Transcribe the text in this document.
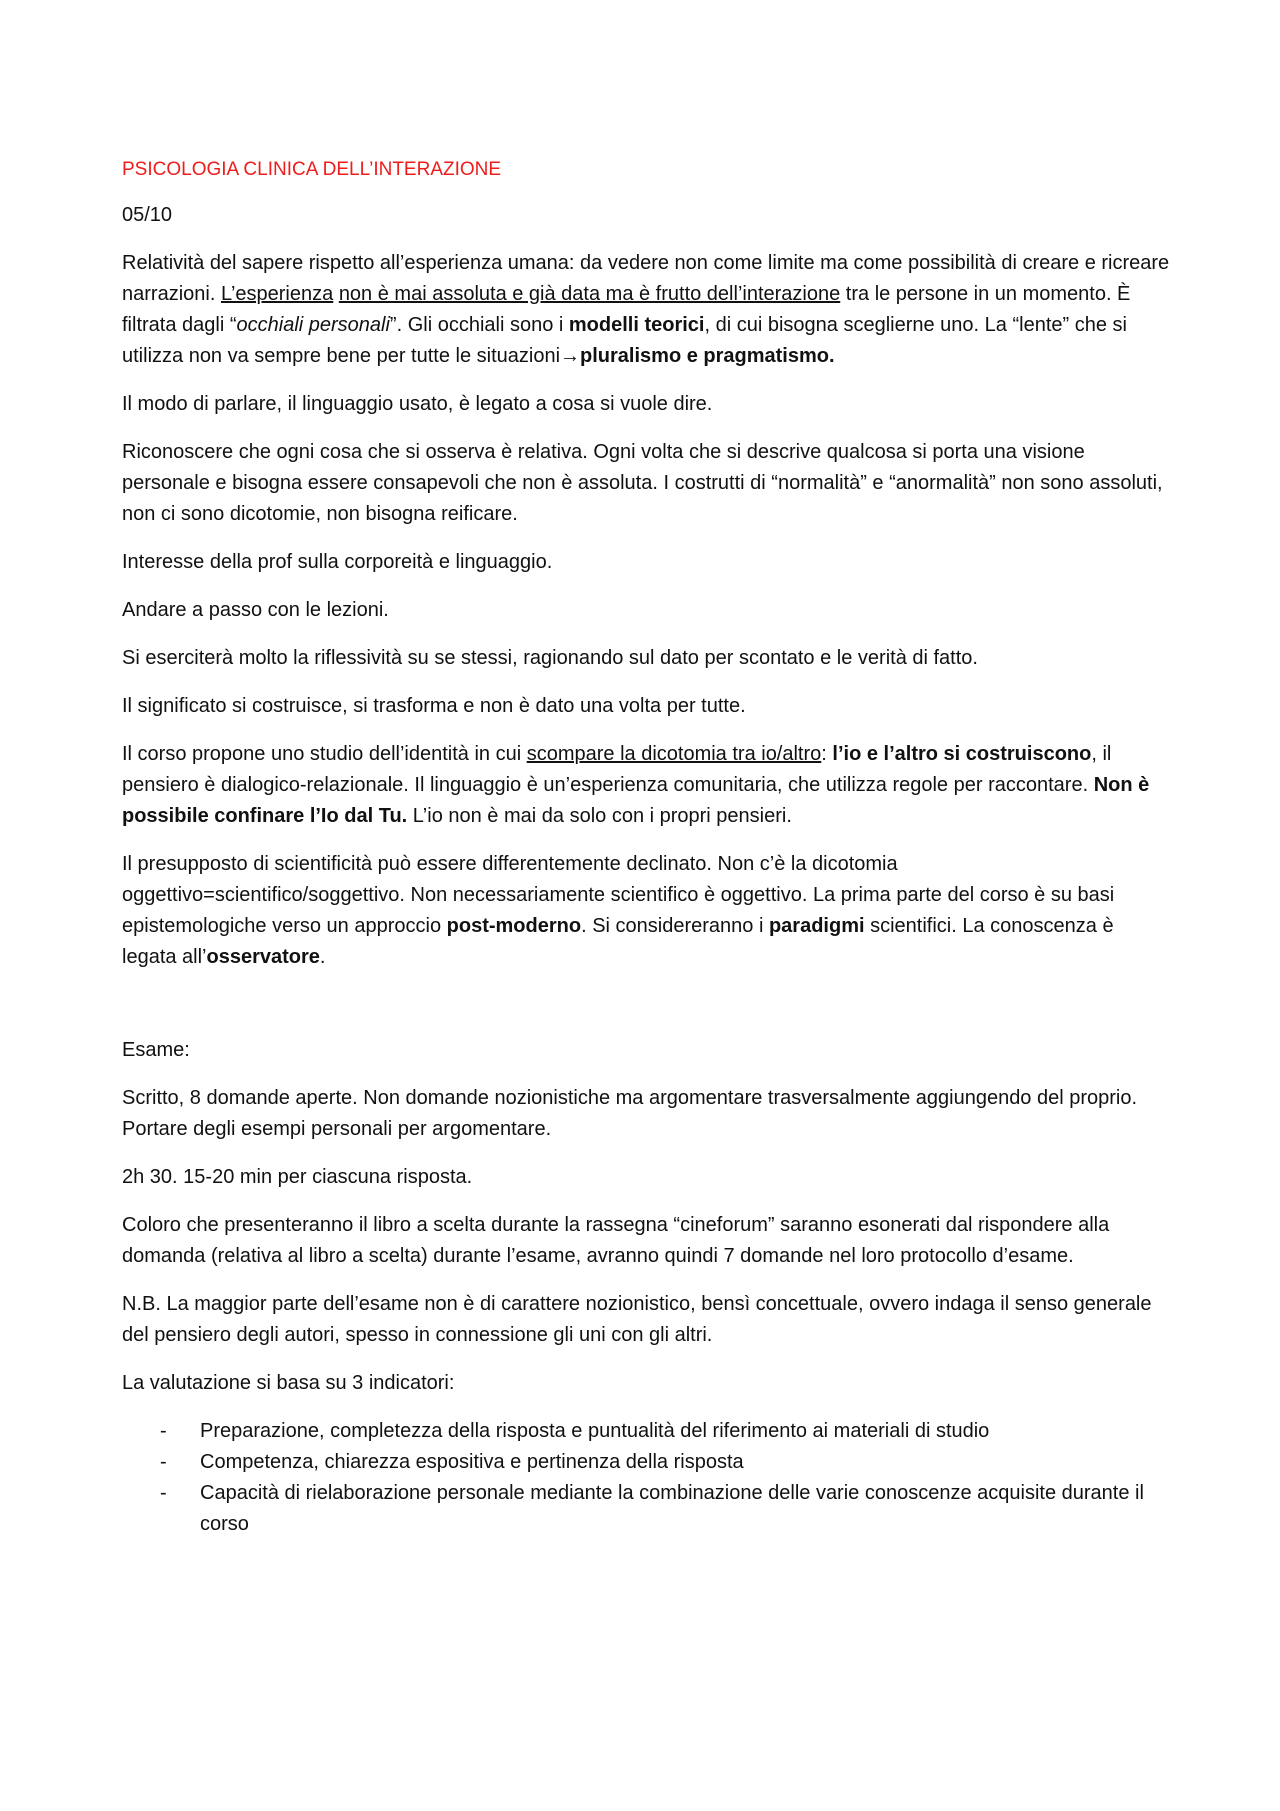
PSICOLOGIA CLINICA DELL’INTERAZIONE

05/10

Relatività del sapere rispetto all’esperienza umana: da vedere non come limite ma come possibilità di creare e ricreare narrazioni. L’esperienza non è mai assoluta e già data ma è frutto dell’interazione tra le persone in un momento. È filtrata dagli “occhiali personali”. Gli occhiali sono i modelli teorici, di cui bisogna sceglierne uno. La “lente” che si utilizza non va sempre bene per tutte le situazioni→pluralismo e pragmatismo.

Il modo di parlare, il linguaggio usato, è legato a cosa si vuole dire.

Riconoscere che ogni cosa che si osserva è relativa. Ogni volta che si descrive qualcosa si porta una visione personale e bisogna essere consapevoli che non è assoluta. I costrutti di “normalità” e “anormalità” non sono assoluti, non ci sono dicotomie, non bisogna reificare.

Interesse della prof sulla corporeità e linguaggio.

Andare a passo con le lezioni.

Si eserciterà molto la riflessività su se stessi, ragionando sul dato per scontato e le verità di fatto.

Il significato si costruisce, si trasforma e non è dato una volta per tutte.

Il corso propone uno studio dell’identità in cui scompare la dicotomia tra io/altro: l’io e l’altro si costruiscono, il pensiero è dialogico-relazionale. Il linguaggio è un’esperienza comunitaria, che utilizza regole per raccontare. Non è possibile confinare l’Io dal Tu. L’io non è mai da solo con i propri pensieri.

Il presupposto di scientificità può essere differentemente declinato. Non c’è la dicotomia oggettivo=scientifico/soggettivo. Non necessariamente scientifico è oggettivo. La prima parte del corso è su basi epistemologiche verso un approccio post-moderno. Si considereranno i paradigmi scientifici. La conoscenza è legata all’osservatore.

Esame:

Scritto, 8 domande aperte. Non domande nozionistiche ma argomentare trasversalmente aggiungendo del proprio. Portare degli esempi personali per argomentare.

2h 30. 15-20 min per ciascuna risposta.

Coloro che presenteranno il libro a scelta durante la rassegna “cineforum” saranno esonerati dal rispondere alla domanda (relativa al libro a scelta) durante l’esame, avranno quindi 7 domande nel loro protocollo d’esame.

N.B. La maggior parte dell’esame non è di carattere nozionistico, bensì concettuale, ovvero indaga il senso generale del pensiero degli autori, spesso in connessione gli uni con gli altri.

La valutazione si basa su 3 indicatori:

- Preparazione, completezza della risposta e puntualità del riferimento ai materiali di studio
- Competenza, chiarezza espositiva e pertinenza della risposta
- Capacità di rielaborazione personale mediante la combinazione delle varie conoscenze acquisite durante il corso
